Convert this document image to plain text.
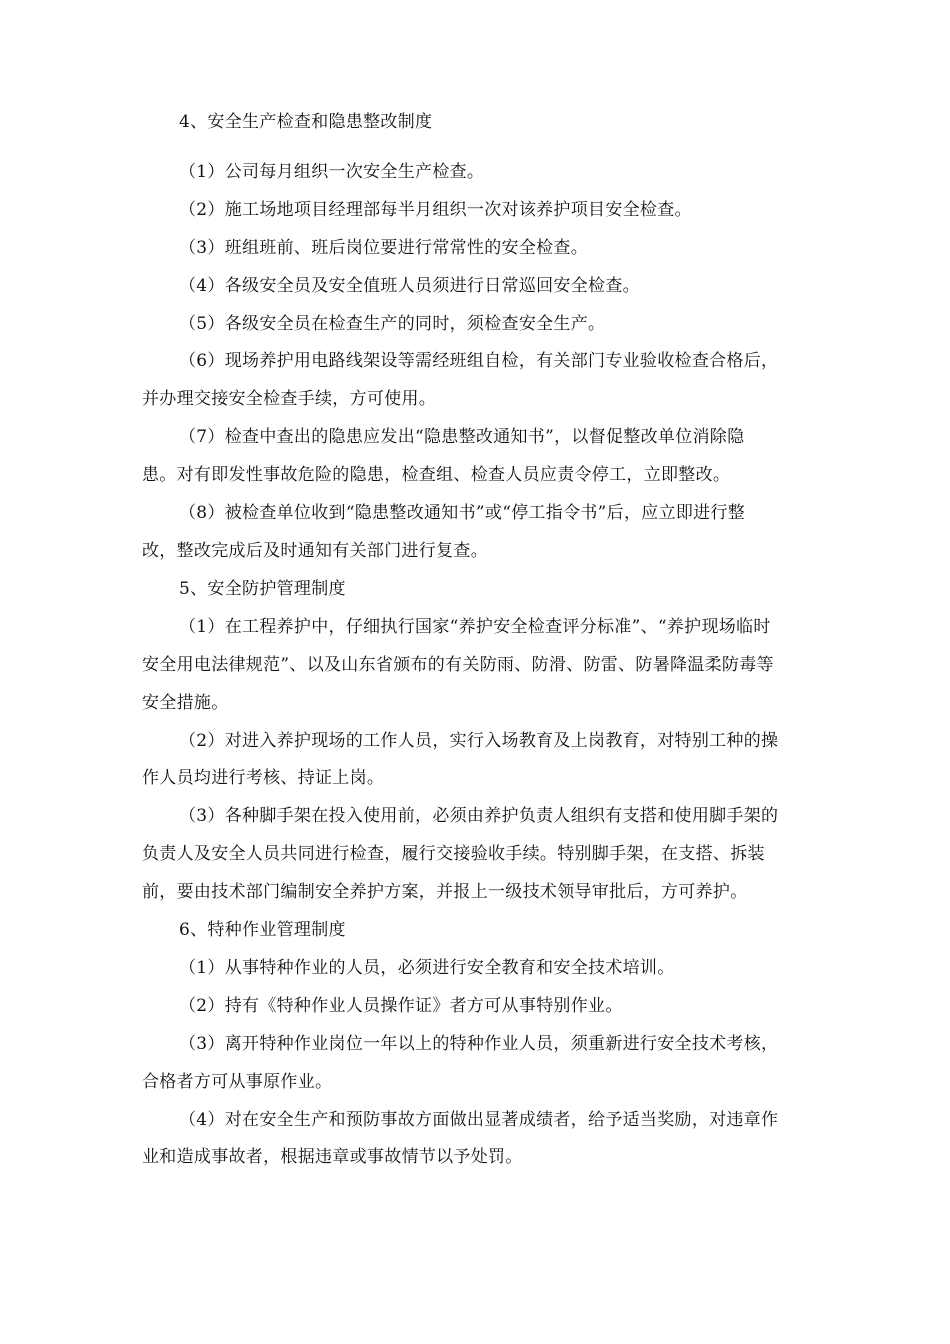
4、安全生产检查和隐患整改制度
（1）公司每月组织一次安全生产检查。
（2）施工场地项目经理部每半月组织一次对该养护项目安全检查。
（3）班组班前、班后岗位要进行常常性的安全检查。
（4）各级安全员及安全值班人员须进行日常巡回安全检查。
（5）各级安全员在检查生产的同时，须检查安全生产。
（6）现场养护用电路线架设等需经班组自检，有关部门专业验收检查合格后，
并办理交接安全检查手续，方可使用。
（7）检查中查出的隐患应发出“隐患整改通知书”，以督促整改单位消除隐
患。对有即发性事故危险的隐患，检查组、检查人员应责令停工，立即整改。
（8）被检查单位收到“隐患整改通知书”或“停工指令书”后，应立即进行整
改，整改完成后及时通知有关部门进行复查。
5、安全防护管理制度
（1）在工程养护中，仔细执行国家“养护安全检查评分标准”、“养护现场临时
安全用电法律规范”、以及山东省颁布的有关防雨、防滑、防雷、防暑降温柔防毒等
安全措施。
（2）对进入养护现场的工作人员，实行入场教育及上岗教育，对特别工种的操
作人员均进行考核、持证上岗。
（3）各种脚手架在投入使用前，必须由养护负责人组织有支搭和使用脚手架的
负责人及安全人员共同进行检查，履行交接验收手续。特别脚手架，在支搭、拆装
前，要由技术部门编制安全养护方案，并报上一级技术领导审批后，方可养护。
6、特种作业管理制度
（1）从事特种作业的人员，必须进行安全教育和安全技术培训。
（2）持有《特种作业人员操作证》者方可从事特别作业。
（3）离开特种作业岗位一年以上的特种作业人员，须重新进行安全技术考核，
合格者方可从事原作业。
（4）对在安全生产和预防事故方面做出显著成绩者，给予适当奖励，对违章作
业和造成事故者，根据违章或事故情节以予处罚。
